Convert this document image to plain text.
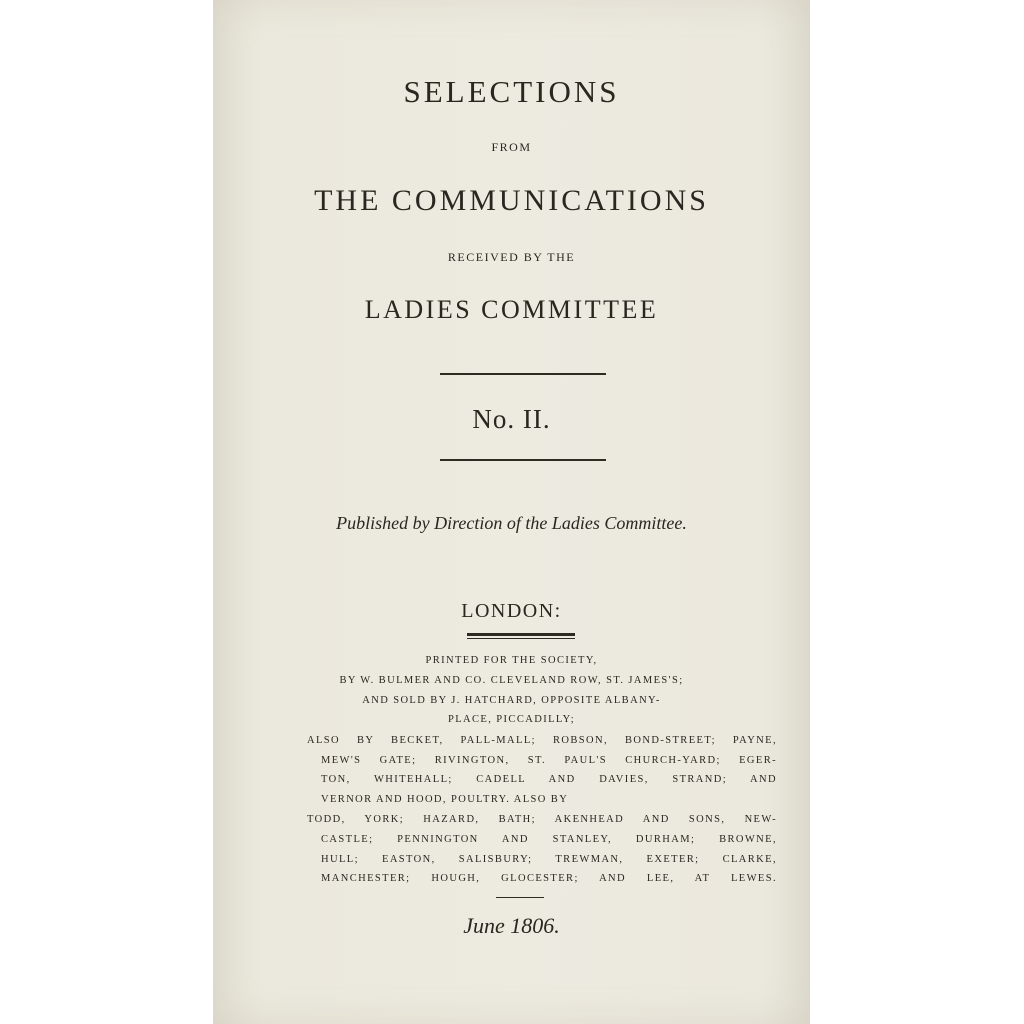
SELECTIONS
FROM
THE COMMUNICATIONS
RECEIVED BY THE
LADIES COMMITTEE
No. II.
Published by Direction of the Ladies Committee.
LONDON:
PRINTED FOR THE SOCIETY,
BY W. BULMER AND CO. CLEVELAND ROW, ST. JAMES'S;
AND SOLD BY J. HATCHARD, OPPOSITE ALBANY-
PLACE, PICCADILLY;
ALSO BY BECKET, PALL-MALL; ROBSON, BOND-STREET; PAYNE,
MEW'S GATE; RIVINGTON, ST. PAUL'S CHURCH-YARD; EGER-
TON, WHITEHALL; CADELL AND DAVIES, STRAND; AND
VERNOR AND HOOD, POULTRY. ALSO BY
TODD, YORK; HAZARD, BATH; AKENHEAD AND SONS, NEW-
CASTLE; PENNINGTON AND STANLEY, DURHAM; BROWNE,
HULL; EASTON, SALISBURY; TREWMAN, EXETER; CLARKE,
MANCHESTER; HOUGH, GLOCESTER; AND LEE, AT LEWES.
June 1806.
